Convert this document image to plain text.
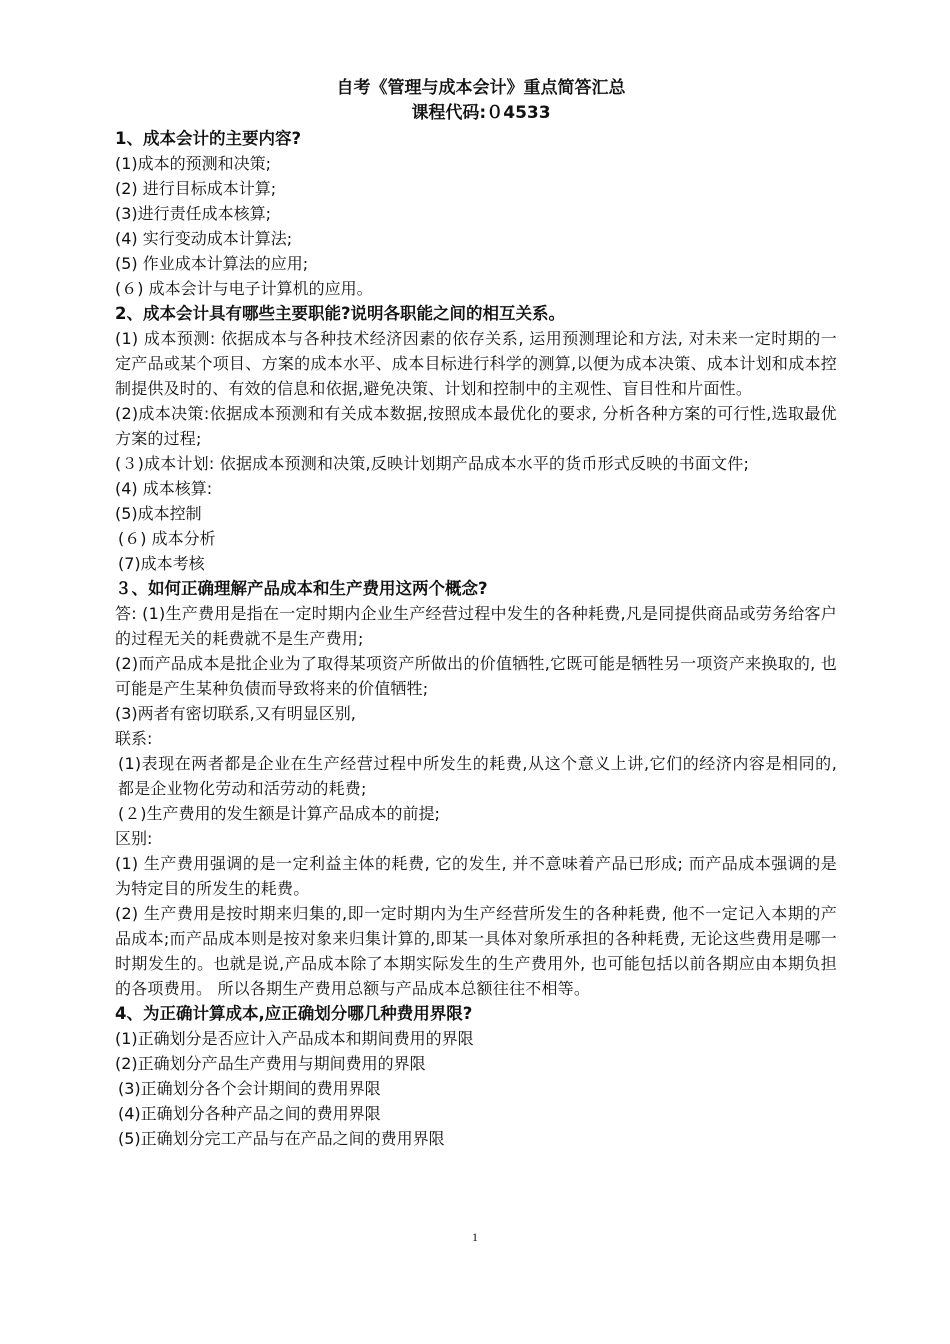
自考《管理与成本会计》重点简答汇总
课程代码:０4533
1、成本会计的主要内容?
(1)成本的预测和决策;
(2) 进行目标成本计算;
(3)进行责任成本核算;
(4) 实行变动成本计算法;
(5) 作业成本计算法的应用;
(６) 成本会计与电子计算机的应用。
2、成本会计具有哪些主要职能?说明各职能之间的相互关系。
(1) 成本预测: 依据成本与各种技术经济因素的依存关系, 运用预测理论和方法, 对未来一定时期的一定产品或某个项目、方案的成本水平、成本目标进行科学的测算,以便为成本决策、成本计划和成本控制提供及时的、有效的信息和依据,避免决策、计划和控制中的主观性、盲目性和片面性。
(2)成本决策:依据成本预测和有关成本数据,按照成本最优化的要求, 分析各种方案的可行性,选取最优方案的过程;
(３)成本计划: 依据成本预测和决策,反映计划期产品成本水平的货币形式反映的书面文件;
(4) 成本核算:
(5)成本控制
(６) 成本分析
(7)成本考核
３、如何正确理解产品成本和生产费用这两个概念?
答: (1)生产费用是指在一定时期内企业生产经营过程中发生的各种耗费,凡是同提供商品或劳务给客户的过程无关的耗费就不是生产费用;
(2)而产品成本是批企业为了取得某项资产所做出的价值牺牲,它既可能是牺牲另一项资产来换取的, 也可能是产生某种负债而导致将来的价值牺牲;
(3)两者有密切联系,又有明显区别,
联系:
(1)表现在两者都是企业在生产经营过程中所发生的耗费,从这个意义上讲,它们的经济内容是相同的,都是企业物化劳动和活劳动的耗费;
(２)生产费用的发生额是计算产品成本的前提;
区别:
(1) 生产费用强调的是一定利益主体的耗费, 它的发生, 并不意味着产品已形成; 而产品成本强调的是为特定目的所发生的耗费。
(2) 生产费用是按时期来归集的,即一定时期内为生产经营所发生的各种耗费, 他不一定记入本期的产品成本;而产品成本则是按对象来归集计算的,即某一具体对象所承担的各种耗费, 无论这些费用是哪一时期发生的。也就是说,产品成本除了本期实际发生的生产费用外, 也可能包括以前各期应由本期负担的各项费用。 所以各期生产费用总额与产品成本总额往往不相等。
4、为正确计算成本,应正确划分哪几种费用界限?
(1)正确划分是否应计入产品成本和期间费用的界限
(2)正确划分产品生产费用与期间费用的界限
(3)正确划分各个会计期间的费用界限
(4)正确划分各种产品之间的费用界限
(5)正确划分完工产品与在产品之间的费用界限
1
